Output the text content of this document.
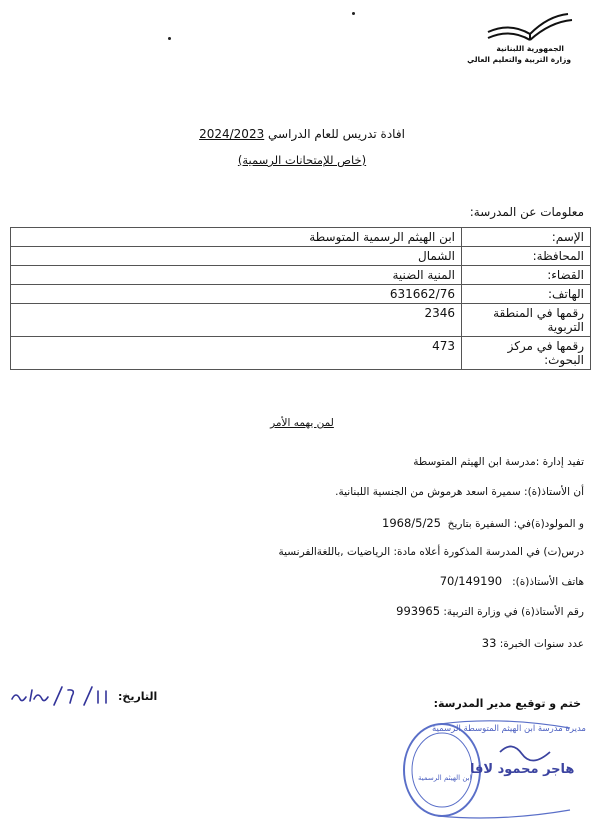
الجمهورية اللبنانية
وزارة التربية والتعليم العالي
افادة تدريس للعام الدراسي 2024/2023
(خاص للإمتحانات الرسمية)
معلومات عن المدرسة:
الإسم:	ابن الهيثم الرسمية المتوسطة
المحافظة:	الشمال
القضاء:	المنية الضنية
الهاتف:	631662/76
رقمها في المنطقة التربوية	2346
رقمها في مركز البحوث:	473
لمن يهمه الأمر
تفيد إدارة :مدرسة ابن الهيثم المتوسطة
أن الأستاذ(ة): سميرة اسعد هرموش من الجنسية اللبنانية.
و المولود(ة)في: السفيرة بتاريخ  1968/5/25
درس(ت) في المدرسة المذكورة أعلاه مادة: الرياضيات ,باللغةالفرنسية
هاتف الأستاذ(ة):   70/149190
رقم الأستاذ(ة) في وزارة التربية: 993965
عدد سنوات الخبرة: 33
ختم و توقيع مدير المدرسة:
التاريخ:
مديرة مدرسة ابن الهيثم المتوسطة الرسمية
هاجر محمود لافا
ابن الهيثم الرسمية
